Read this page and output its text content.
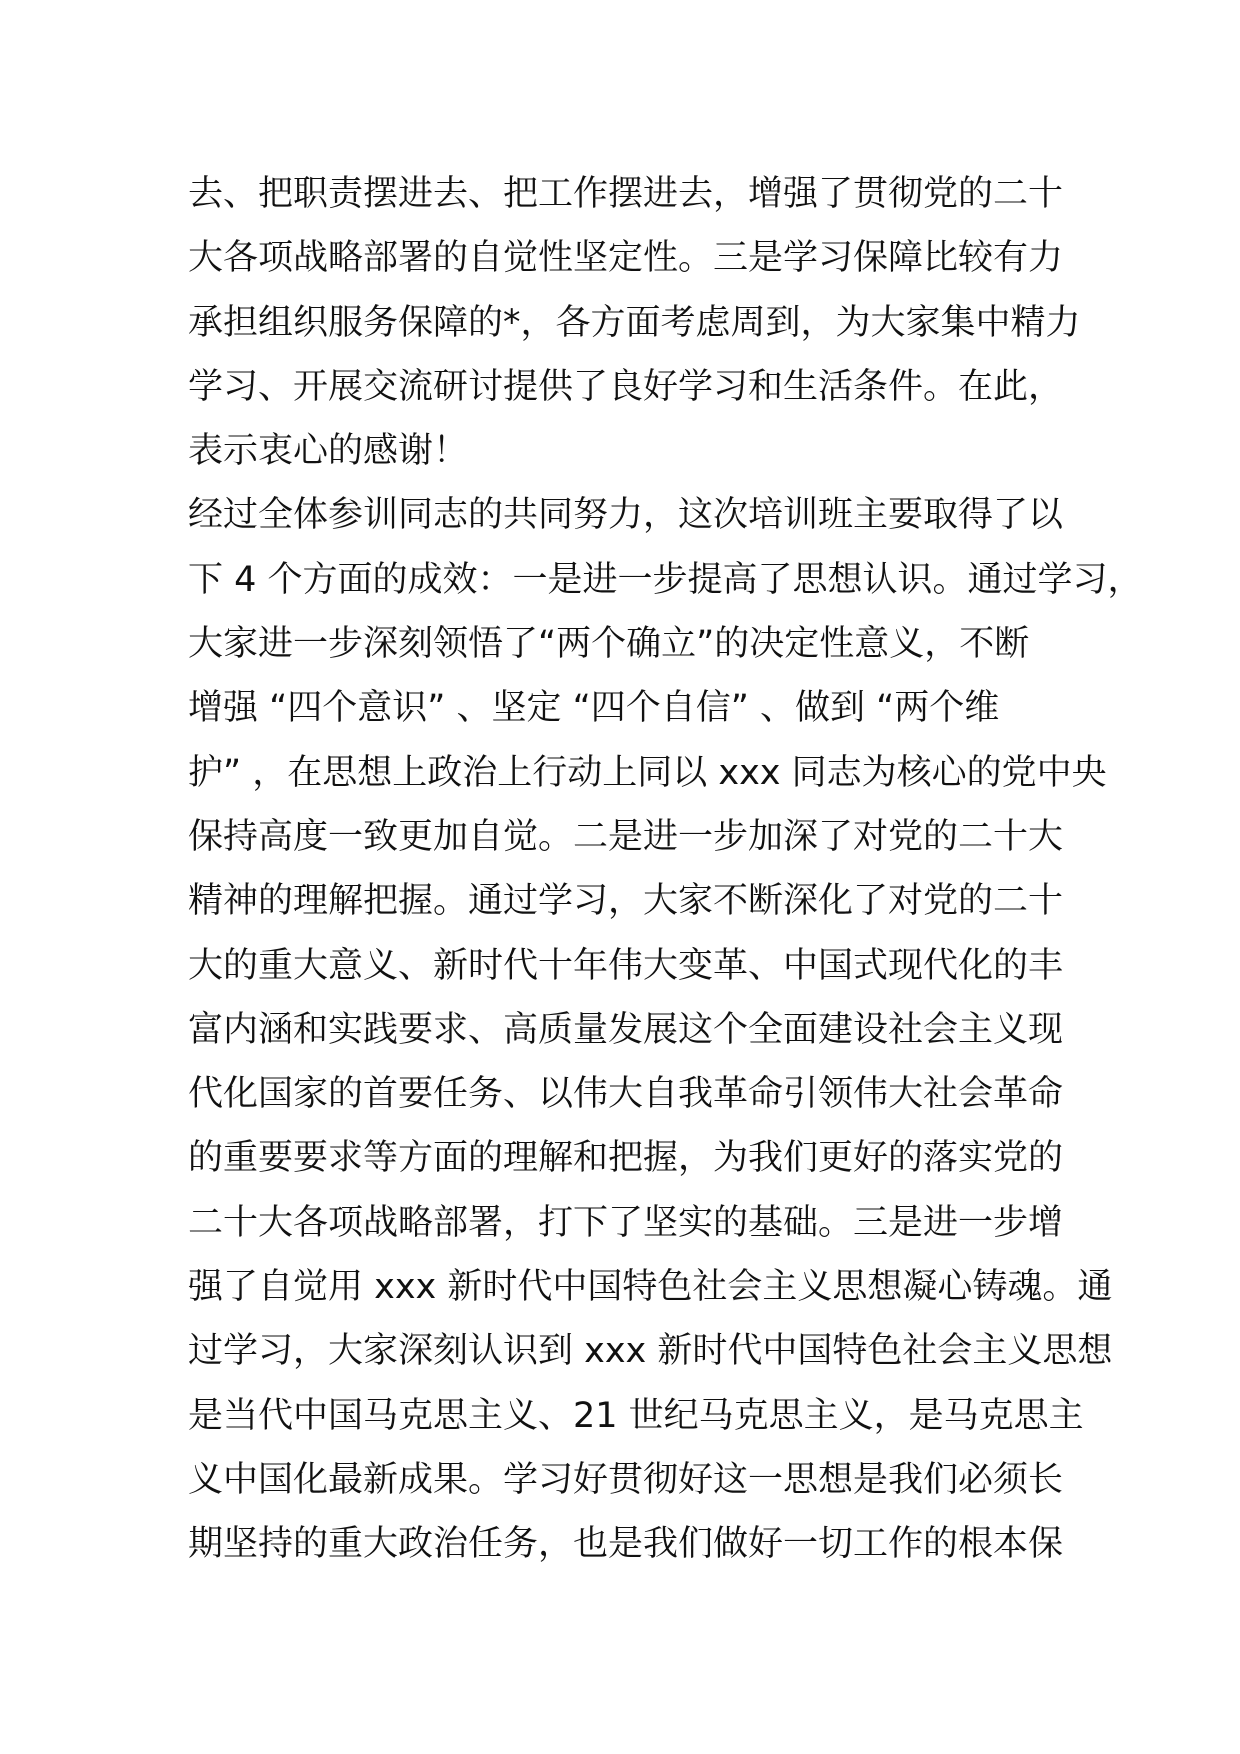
去、把职责摆进去、把工作摆进去，增强了贯彻党的二十
大各项战略部署的自觉性坚定性。三是学习保障比较有力
承担组织服务保障的*，各方面考虑周到，为大家集中精力
学习、开展交流研讨提供了良好学习和生活条件。在此，
表示衷心的感谢！
经过全体参训同志的共同努力，这次培训班主要取得了以
下 4 个方面的成效：一是进一步提高了思想认识。通过学习，
大家进一步深刻领悟了“两个确立”的决定性意义，不断
增强 “四个意识” 、坚定 “四个自信” 、做到 “两个维
护” ，在思想上政治上行动上同以 xxx 同志为核心的党中央
保持高度一致更加自觉。二是进一步加深了对党的二十大
精神的理解把握。通过学习，大家不断深化了对党的二十
大的重大意义、新时代十年伟大变革、中国式现代化的丰
富内涵和实践要求、高质量发展这个全面建设社会主义现
代化国家的首要任务、以伟大自我革命引领伟大社会革命
的重要要求等方面的理解和把握，为我们更好的落实党的
二十大各项战略部署，打下了坚实的基础。三是进一步增
强了自觉用 xxx 新时代中国特色社会主义思想凝心铸魂。通
过学习，大家深刻认识到 xxx 新时代中国特色社会主义思想
是当代中国马克思主义、21 世纪马克思主义，是马克思主
义中国化最新成果。学习好贯彻好这一思想是我们必须长
期坚持的重大政治任务，也是我们做好一切工作的根本保
